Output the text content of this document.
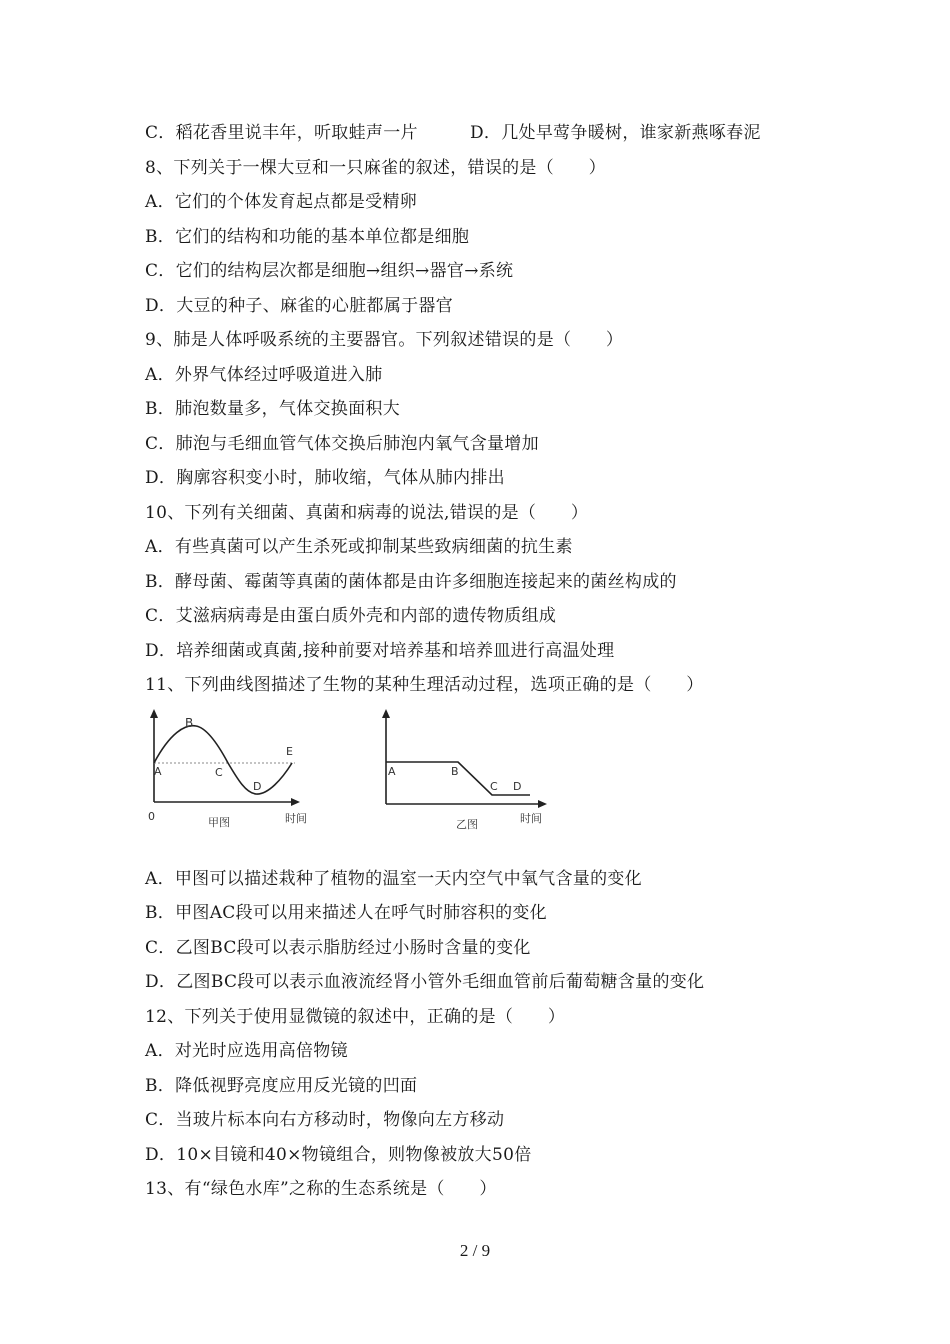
C．稻花香里说丰年，听取蛙声一片	D．几处早莺争暖树，谁家新燕啄春泥
8、下列关于一棵大豆和一只麻雀的叙述，错误的是（　　）
A．它们的个体发育起点都是受精卵
B．它们的结构和功能的基本单位都是细胞
C．它们的结构层次都是细胞→组织→器官→系统
D．大豆的种子、麻雀的心脏都属于器官
9、肺是人体呼吸系统的主要器官。下列叙述错误的是（　　）
A．外界气体经过呼吸道进入肺
B．肺泡数量多，气体交换面积大
C．肺泡与毛细血管气体交换后肺泡内氧气含量增加
D．胸廓容积变小时，肺收缩，气体从肺内排出
10、下列有关细菌、真菌和病毒的说法,错误的是（　　）
A．有些真菌可以产生杀死或抑制某些致病细菌的抗生素
B．酵母菌、霉菌等真菌的菌体都是由许多细胞连接起来的菌丝构成的
C．艾滋病病毒是由蛋白质外壳和内部的遗传物质组成
D．培养细菌或真菌,接种前要对培养基和培养皿进行高温处理
11、下列曲线图描述了生物的某种生理活动过程，选项正确的是（　　）
A
B
C
D
E
0	甲图	时间
A	B
C D
乙图	时间
A．甲图可以描述栽种了植物的温室一天内空气中氧气含量的变化
B．甲图AC段可以用来描述人在呼气时肺容积的变化
C．乙图BC段可以表示脂肪经过小肠时含量的变化
D．乙图BC段可以表示血液流经肾小管外毛细血管前后葡萄糖含量的变化
12、下列关于使用显微镜的叙述中，正确的是（　　）
A．对光时应选用高倍物镜
B．降低视野亮度应用反光镜的凹面
C．当玻片标本向右方移动时，物像向左方移动
D．10×目镜和40×物镜组合，则物像被放大50倍
13、有“绿色水库”之称的生态系统是（　　）
2 / 9
